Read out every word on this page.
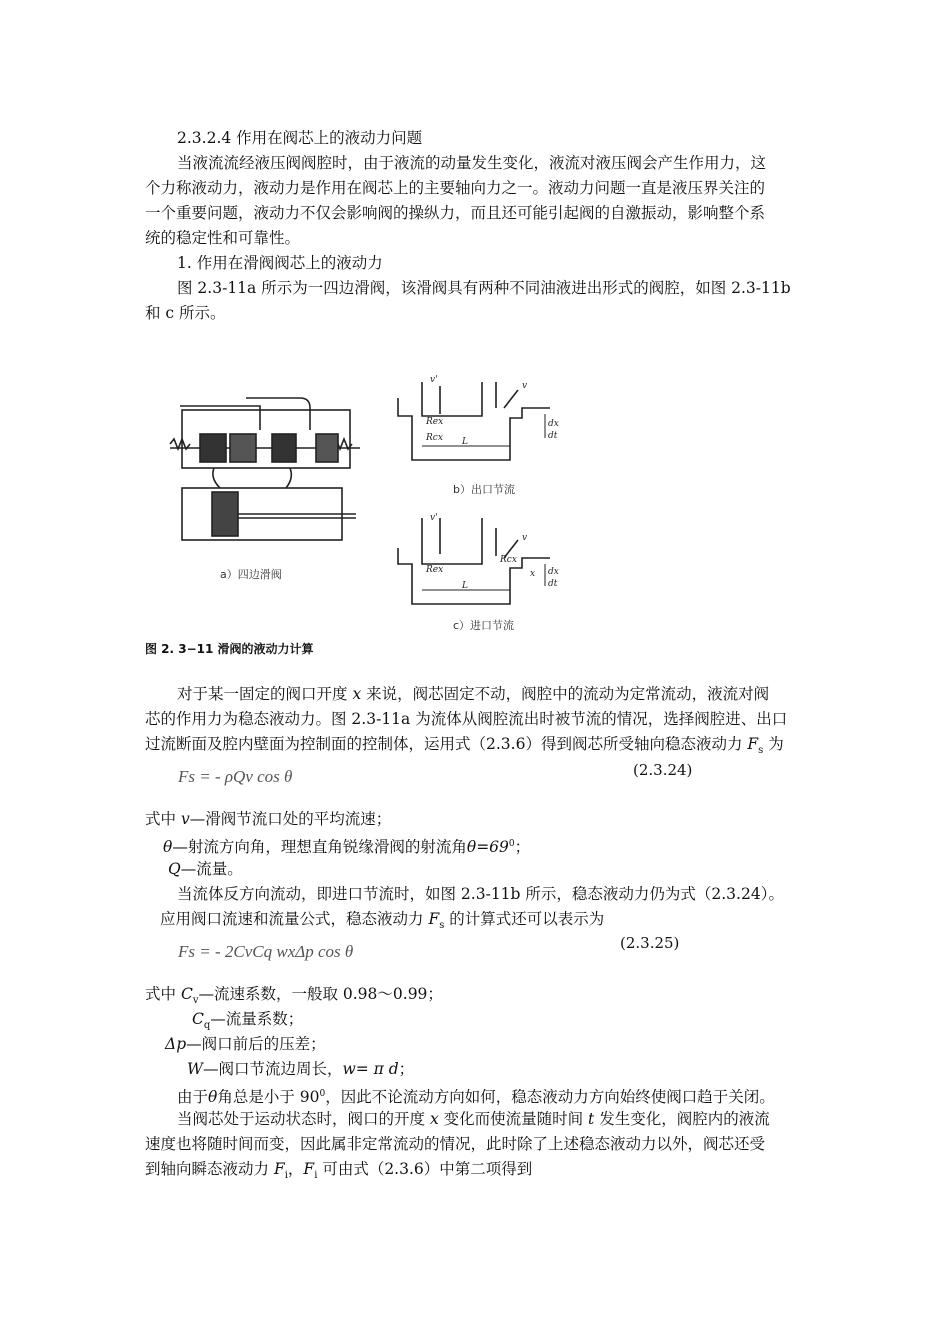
2.3.2.4 作用在阀芯上的液动力问题
当液流流经液压阀阀腔时，由于液流的动量发生变化，液流对液压阀会产生作用力，这
个力称液动力，液动力是作用在阀芯上的主要轴向力之一。液动力问题一直是液压界关注的
一个重要问题，液动力不仅会影响阀的操纵力，而且还可能引起阀的自激振动，影响整个系
统的稳定性和可靠性。
1. 作用在滑阀阀芯上的液动力
图 2.3-11a 所示为一四边滑阀，该滑阀具有两种不同油液进出形式的阀腔，如图 2.3-11b
和 c 所示。
v'
v
Rex
Rcx L
dx
dt
v'
v
Rex
Rcx
x
L
dx
dt
a）四边滑阀
b）出口节流
c）进口节流
图 2. 3−11 滑阀的液动力计算
对于某一固定的阀口开度 x 来说，阀芯固定不动，阀腔中的流动为定常流动，液流对阀
芯的作用力为稳态液动力。图 2.3-11a 为流体从阀腔流出时被节流的情况，选择阀腔进、出口
过流断面及腔内壁面为控制面的控制体，运用式（2.3.6）得到阀芯所受轴向稳态液动力 $F_s$ 为
Fs = - ρQv cos θ	(2.3.24)
式中 v—滑阀节流口处的平均流速；
θ—射流方向角，理想直角锐缘滑阀的射流角$\theta=69^0$；
Q—流量。
当流体反方向流动，即进口节流时，如图 2.3-11b 所示，稳态液动力仍为式（2.3.24）。
应用阀口流速和流量公式，稳态液动力 $F_s$ 的计算式还可以表示为
Fs = - 2CvCq wxΔp cos θ	(2.3.25)
式中 $C_v—$流速系数，一般取 0.98～0.99；
$C_q—$流量系数；
Δp—阀口前后的压差；
W—阀口节流边周长，w= π d；
由于θ角总是小于 $90^0$，因此不论流动方向如何，稳态液动力方向始终使阀口趋于关闭。
当阀芯处于运动状态时，阀口的开度 x 变化而使流量随时间 t 发生变化，阀腔内的液流
速度也将随时间而变，因此属非定常流动的情况，此时除了上述稳态液动力以外，阀芯还受
到轴向瞬态液动力 $F_i$，$F_i$ 可由式（2.3.6）中第二项得到
